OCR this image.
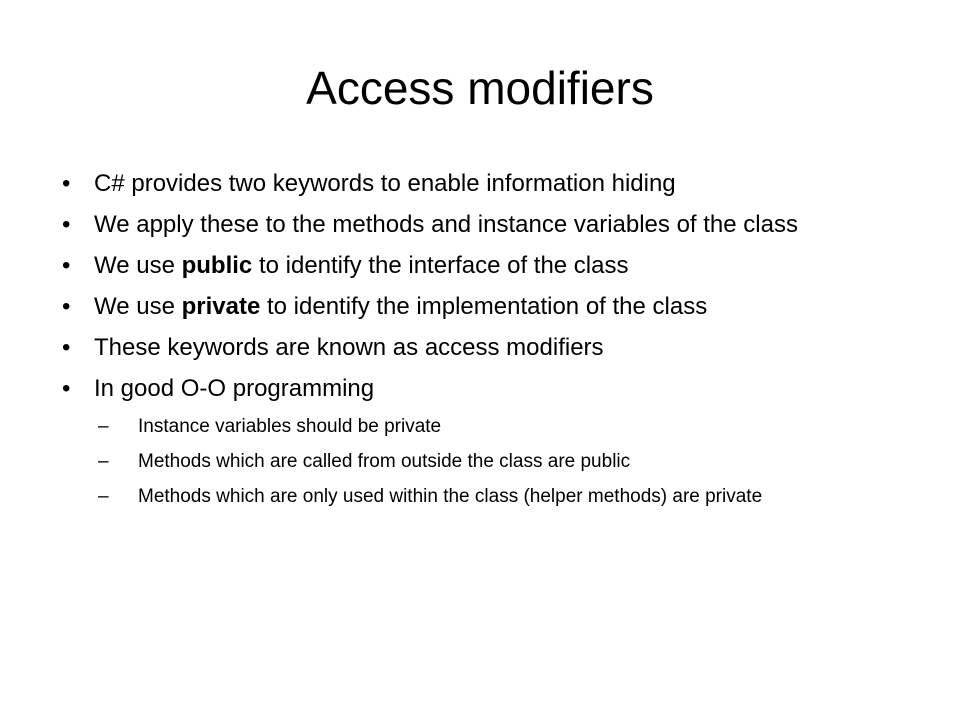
Access modifiers
• C# provides two keywords to enable information hiding
• We apply these to the methods and instance variables of the class
• We use public to identify the interface of the class
• We use private to identify the implementation of the class
• These keywords are known as access modifiers
• In good O-O programming
– Instance variables should be private
– Methods which are called from outside the class are public
– Methods which are only used within the class (helper methods) are private
